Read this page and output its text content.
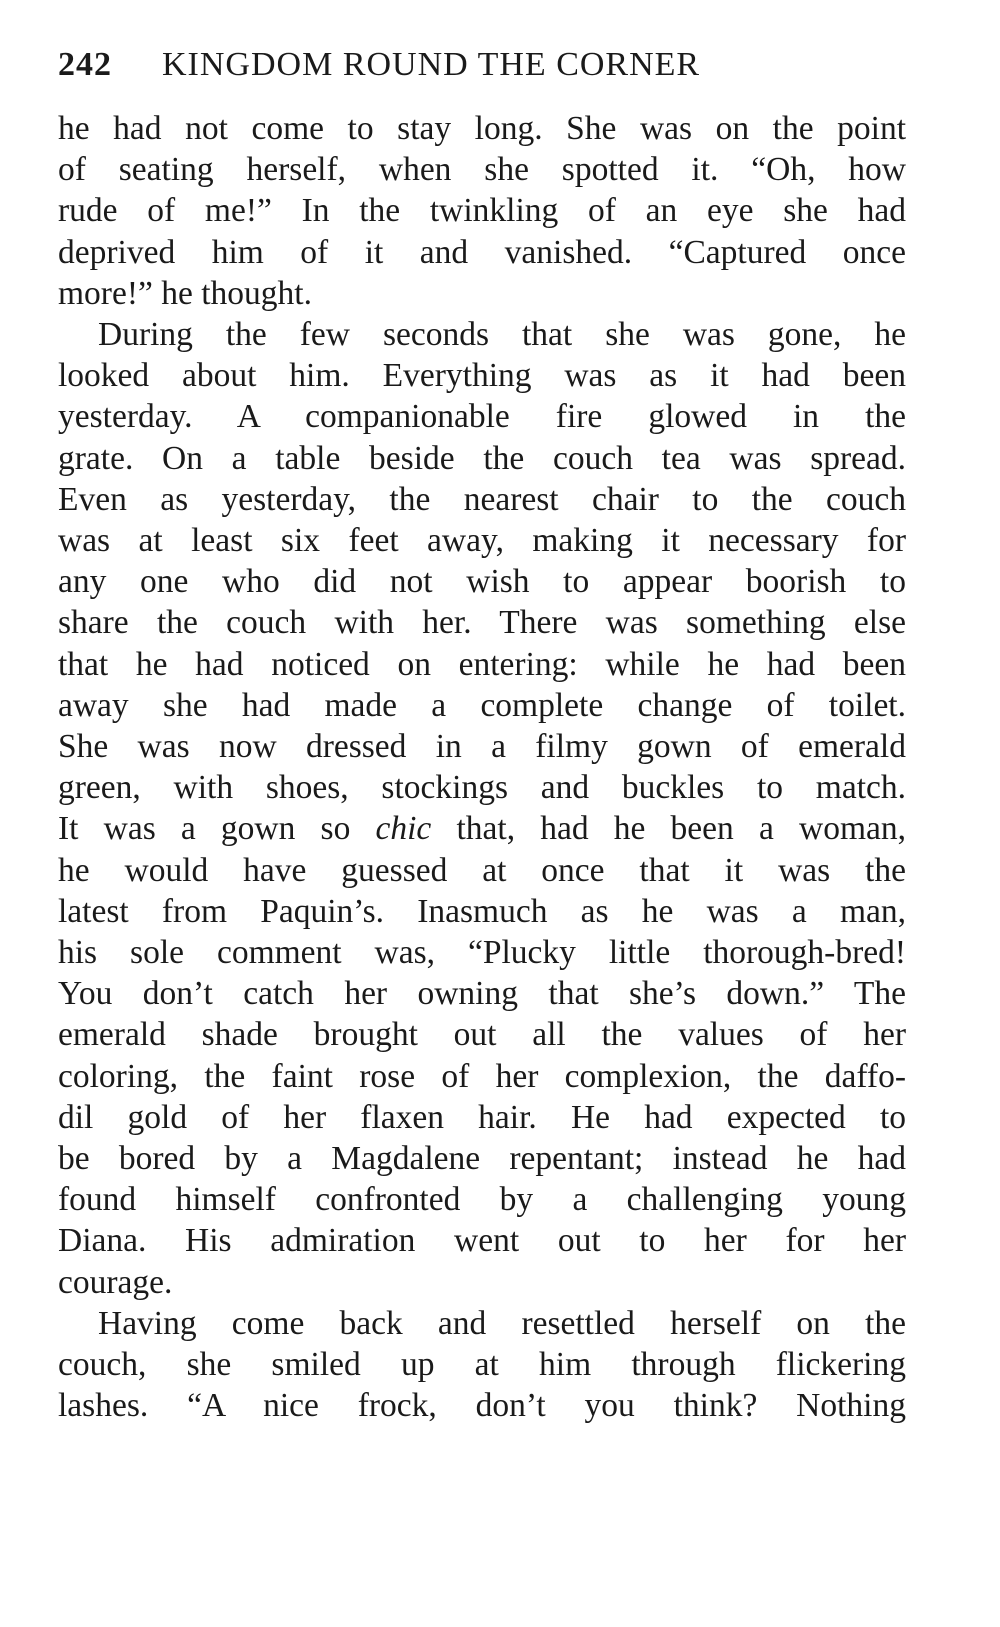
242	KINGDOM ROUND THE CORNER

he had not come to stay long. She was on the point
of seating herself, when she spotted it. “Oh, how
rude of me!” In the twinkling of an eye she had
deprived him of it and vanished. “Captured once
more!” he thought.

During the few seconds that she was gone, he
looked about him. Everything was as it had been
yesterday. A companionable fire glowed in the
grate. On a table beside the couch tea was spread.
Even as yesterday, the nearest chair to the couch
was at least six feet away, making it necessary for
any one who did not wish to appear boorish to
share the couch with her. There was something else
that he had noticed on entering: while he had been
away she had made a complete change of toilet.
She was now dressed in a filmy gown of emerald
green, with shoes, stockings and buckles to match.
It was a gown so chic that, had he been a woman,
he would have guessed at once that it was the
latest from Paquin’s. Inasmuch as he was a man,
his sole comment was, “Plucky little thorough-bred!
You don’t catch her owning that she’s down.” The
emerald shade brought out all the values of her
coloring, the faint rose of her complexion, the daffo-
dil gold of her flaxen hair. He had expected to
be bored by a Magdalene repentant; instead he had
found himself confronted by a challenging young
Diana. His admiration went out to her for her
courage.

Having come back and resettled herself on the
couch, she smiled up at him through flickering
lashes. “A nice frock, don’t you think? Nothing
